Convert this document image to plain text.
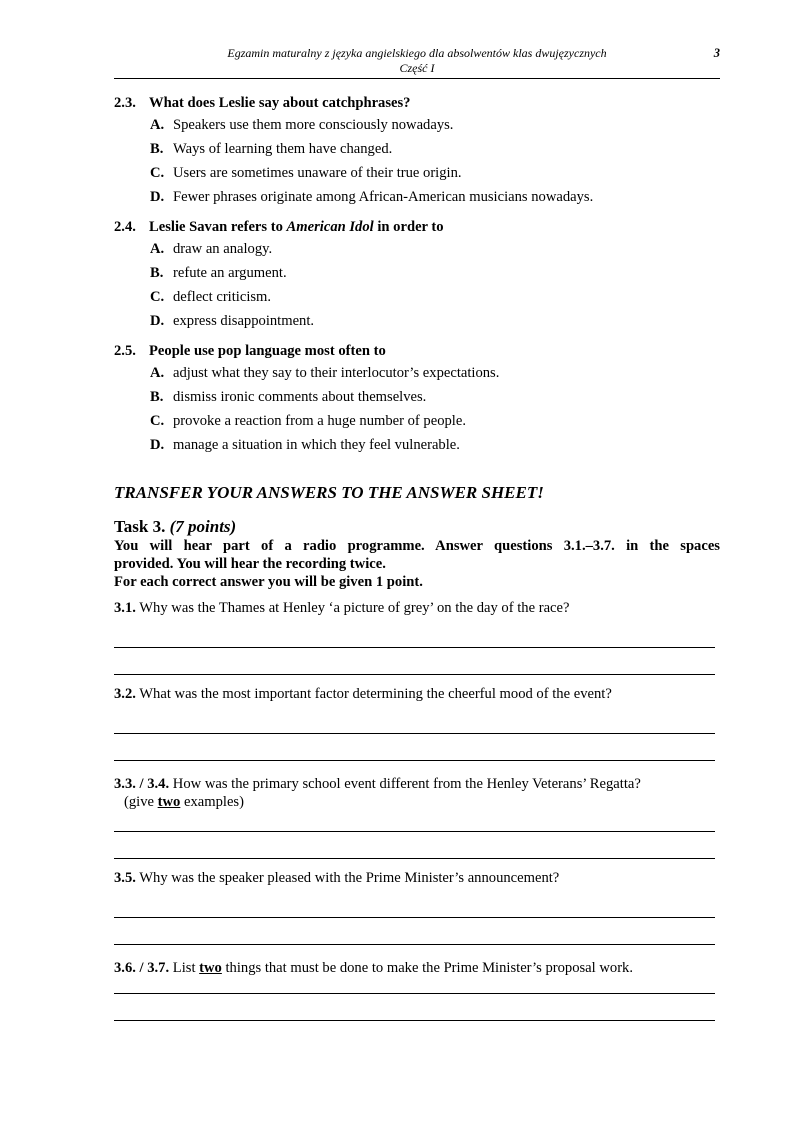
Egzamin maturalny z języka angielskiego dla absolwentów klas dwujęzycznych
Część I
3
2.3. What does Leslie say about catchphrases?
A. Speakers use them more consciously nowadays.
B. Ways of learning them have changed.
C. Users are sometimes unaware of their true origin.
D. Fewer phrases originate among African-American musicians nowadays.
2.4. Leslie Savan refers to American Idol in order to
A. draw an analogy.
B. refute an argument.
C. deflect criticism.
D. express disappointment.
2.5. People use pop language most often to
A. adjust what they say to their interlocutor’s expectations.
B. dismiss ironic comments about themselves.
C. provoke a reaction from a huge number of people.
D. manage a situation in which they feel vulnerable.
TRANSFER YOUR ANSWERS TO THE ANSWER SHEET!
Task 3. (7 points)
You will hear part of a radio programme. Answer questions 3.1.–3.7. in the spaces
provided. You will hear the recording twice.
For each correct answer you will be given 1 point.
3.1. Why was the Thames at Henley ‘a picture of grey’ on the day of the race?
3.2. What was the most important factor determining the cheerful mood of the event?
3.3. / 3.4. How was the primary school event different from the Henley Veterans’ Regatta?
(give two examples)
3.5. Why was the speaker pleased with the Prime Minister’s announcement?
3.6. / 3.7. List two things that must be done to make the Prime Minister’s proposal work.
